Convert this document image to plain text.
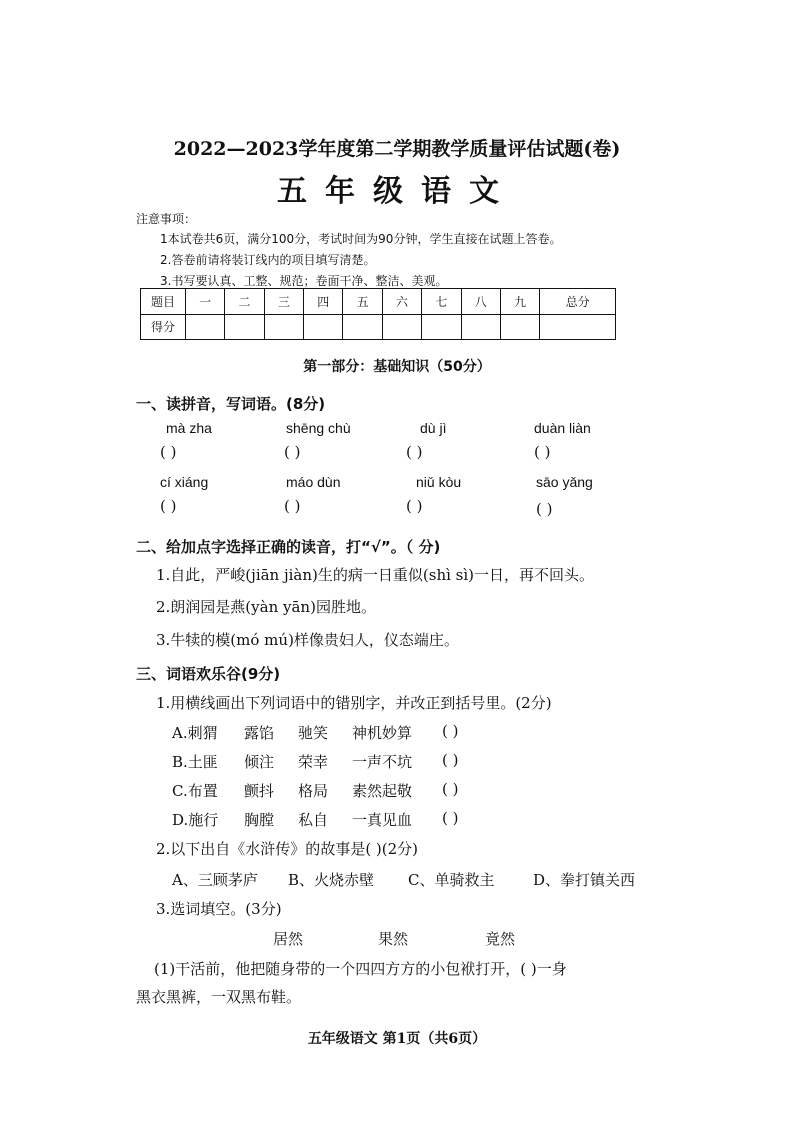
2022—2023学年度第二学期教学质量评估试题(卷)
五年级语文
注意事项：
1本试卷共6页，满分100分，考试时间为90分钟，学生直接在试题上答卷。
2.答卷前请将装订线内的项目填写清楚。
3.书写要认真、工整、规范；卷面干净、整洁、美观。
题目	一	二	三	四	五	六	七	八	九	总分
得分										
第一部分：基础知识（50分）
一、读拼音，写词语。(8分)
mà zha	shēng chù	dù jì	duàn liàn
( )	( )	( )	( )
cí xiáng	máo dùn	niǔ kòu	sāo yǎng
( )	( )	( )	( )
二、给加点字选择正确的读音，打“√”。（ 分)
1.自此，严峻(jiān jiàn)生的病一日重似(shì sì)一日，再不回头。
2.朗润园是燕(yàn yān)园胜地。
3.牛犊的模(mó mú)样像贵妇人，仪态端庄。
三、词语欢乐谷(9分)
1.用横线画出下列词语中的错别字，并改正到括号里。(2分)
A.刺猬 露馅 驰笑 神机妙算 ( )
B.土匪 倾注 荣幸 一声不坑 ( )
C.布置 颤抖 格局 素然起敬 ( )
D.施行 胸膛 私自 一真见血 ( )
2.以下出自《水浒传》的故事是( )(2分)
A、三顾茅庐 B、火烧赤壁 C、单骑救主	D、拳打镇关西
3.选词填空。(3分)
居然	果然	竟然
(1)干活前，他把随身带的一个四四方方的小包袱打开，( )一身
黑衣黑裤，一双黑布鞋。
五年级语文 第1页（共6页）
